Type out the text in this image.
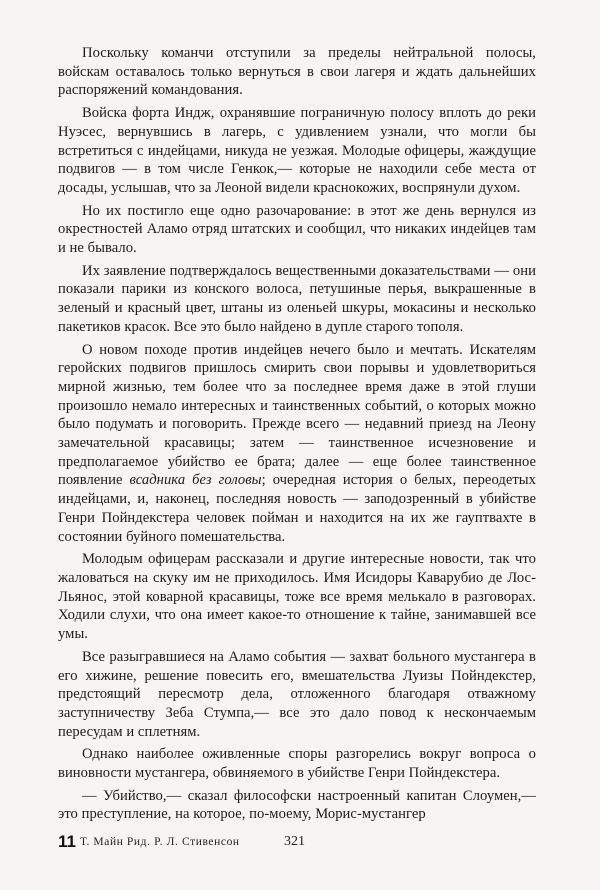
Поскольку команчи отступили за пределы нейтральной полосы, войскам оставалось только вернуться в свои лагеря и ждать дальнейших распоряжений командования.

Войска форта Индж, охранявшие пограничную полосу вплоть до реки Нуэсес, вернувшись в лагерь, с удивлением узнали, что могли бы встретиться с индейцами, никуда не уезжая. Молодые офицеры, жаждущие подвигов — в том числе Генкок,— которые не находили себе места от досады, услышав, что за Леоной видели краснокожих, воспрянули духом.

Но их постигло еще одно разочарование: в этот же день вернулся из окрестностей Аламо отряд штатских и сообщил, что никаких индейцев там и не бывало.

Их заявление подтверждалось вещественными доказательствами — они показали парики из конского волоса, петушиные перья, выкрашенные в зеленый и красный цвет, штаны из оленьей шкуры, мокасины и несколько пакетиков красок. Все это было найдено в дупле старого тополя.

О новом походе против индейцев нечего было и мечтать. Искателям геройских подвигов пришлось смирить свои порывы и удовлетвориться мирной жизнью, тем более что за последнее время даже в этой глуши произошло немало интересных и таинственных событий, о которых можно было подумать и поговорить. Прежде всего — недавний приезд на Леону замечательной красавицы; затем — таинственное исчезновение и предполагаемое убийство ее брата; далее — еще более таинственное появление всадника без головы; очередная история о белых, переодетых индейцами, и, наконец, последняя новость — заподозренный в убийстве Генри Пойндекстера человек пойман и находится на их же гауптвахте в состоянии буйного помешательства.

Молодым офицерам рассказали и другие интересные новости, так что жаловаться на скуку им не приходилось. Имя Исидоры Каварубио де Лос-Льянос, этой коварной красавицы, тоже все время мелькало в разговорах. Ходили слухи, что она имеет какое-то отношение к тайне, занимавшей все умы.

Все разыгравшиеся на Аламо события — захват больного мустангера в его хижине, решение повесить его, вмешательства Луизы Пойндекстер, предстоящий пересмотр дела, отложенного благодаря отважному заступничеству Зеба Стумпа,— все это дало повод к нескончаемым пересудам и сплетням.

Однако наиболее оживленные споры разгорелись вокруг вопроса о виновности мустангера, обвиняемого в убийстве Генри Пойндекстера.

— Убийство,— сказал философски настроенный капитан Слоумен,— это преступление, на которое, по-моему, Морис-мустангер

11 Т. Майн Рид. Р. Л. Стивенсон	321
